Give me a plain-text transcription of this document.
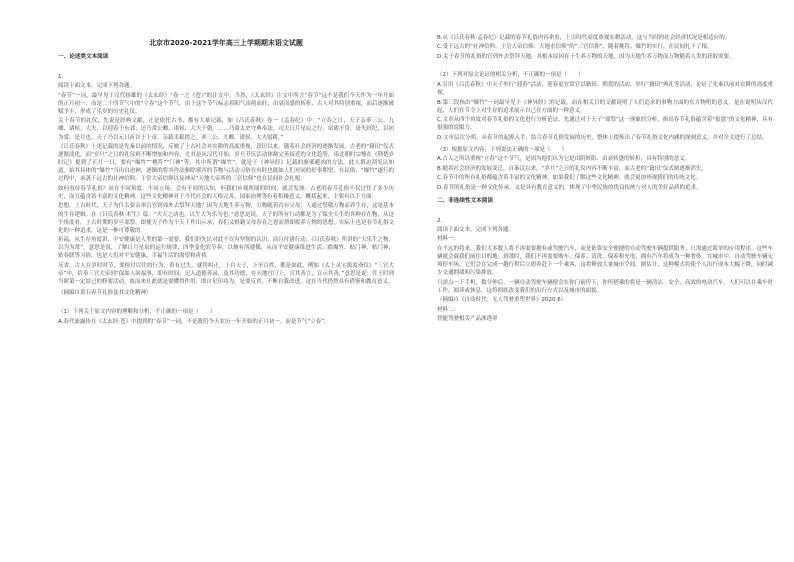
北京市2020-2021学年高三上学期期末语文试题
一、论述类文本阅读
1.
阅读下面文本，完成下列各题。
“春节”一词，最早见于汉代扬雄的《太玄经》“卷一之《苍》”的注文中，当然，《太玄经》注文中所言“春节”远不是我们今天作为一年开始的正月初一，而是二十四节气中的“立春”这个节气。由于这个节气标志着阳气由萌而旺，由衰而盛的转折，古人对其特别重视，而后逐渐被赋予丰，形成了乐岁的历史礼仪。
关于春节的礼仪，先说是经典文献，正是依托古书，都有大量记载，如《吕氏春秋》卷一《孟春纪》中：“立春之日，天子亲率三公、九卿、诸侯、大夫，以迎春于东郊；还乃赏公卿、诸侯、大夫于朝。……乃命太史守典奉法，司天日月星辰之行，宿离不贷，毋失经纪，以初为常。是月也，天子乃以元日祈谷于上帝，亲载耒耜措之，率三公、九卿、诸侯、大夫躬耕。”
《吕氏春秋》上述记载的是先秦以前的情况，反映了上古社会对农耕的高度重视，意识以来，随着社会经济的逐渐发展，古老的“籍田”仪式逐渐淡化，而“岁旦”之日的礼仪则不断增加和内容，尤其是从汉代开始，岁旦节庆活动体制完善接近的文化趋势，南北朝时宗懔在《荆楚岁时记》提到了正月一日，要有“爆竹”“桃符”“门神”等，其中所谓“爆竹”，就是于《神异经》记载的驱邪避凶的方法，此人填迫刮见认知道。始其具体的“爆竹”当出自迫神，逐渐的将其作法驱除邪害的节物与活动习俗在有时也能如人们对同的好事期望，在民俗，“爆竹”遂行的过程中，承袭于远古的社神信仰，王堂大帝信仰以及神灵“天地大帝所的三官信仰”也在民间社会扎根。
如何看待春节礼俗？站在不同角度、不同立场，会有不同的认知，但我们应视所阅的时间，就会发现：古老的春节礼俗不仅过往了多少历史，而且蕴含着丰富的文化精神，这些文化精神对于当代社会的人格完善、国家治理等有着积极意义，概括起来，主要有以下方面：
思想，上古时代，天子为什么要亲率百官到郊外去祭拜天地？因为天地生养万物，万物随着育有父母，人通过祭敬万物而养生存，这是基本的生存逻辑。在《吕氏春秋·本生》篇：“夫天之动也，以生大为乐为也。”意思是说，天子的所有行动都是为了保全天生的各种存在物，从这个角度看，上古时期的岁旦郊祭，即便天子作为个天下作出示承，春们又惧籍父母春育之恩而帮却报养万物的思想，实际上也是春节礼俗文化的一种追求，这是一种可尊敬的。
祈福，从生存角度讲，平安健康是人类的第一需要，我们的先民对此不仅有坚韧的认识，而且付诸行动。《吕氏春秋》所讲的“天乐生之物，以为为常”，意思是说，了解日月星辰的运行规律、四季变化的节奏，以便有所遵循，从而平安健康推进生活。踏爆竹、贴门神，贴门神，贴春联等习俗，也是人们对平安健康、幸福生活的渴望和祈祷。
反省，古人在岁时时节，要检讨以往的行为，着有过失，就将纠正，上自天子，下至百姓，都是如此，例如《太上灵宝拔度斋仪》“三官大帝”中，信奉三官大帝到“保如人间福事，即有时间，记入道德善录，及其功德，在天地宫门上，宣其善言，宣示其善，”意思是说：往王时列当阶第一定谊已的修要活动，故而来社此就是要懂得作用，即自星印功为，是要反省，不断自我改进，这在当代仍然具有借鉴和教育意义。
（摘编自黄石春节礼俗及其文化精神）
（1）下列关于原文内容的理解和分析，不正确的一项是（　　）
A.春代流露传在《太玄经·苍》中提到的“春节”一词，不是我们今天农历一年开始的正月初一，而是节气“立春”。
B.从《吕氏春秋·孟春纪》记载的春节礼俗内容来看，上古时代高度重视农耕活动，这与当时的社会经济状况是相适应的。
C.受于远古的“社神信仰、王皇大帝信仰、天地水信仰”的“三官信仰”，随着桃符、爆竹的实行，在民间扎下了根。
D.关于春节的礼俗的官列外去祭拜天地，其根本原因在于生养万物的天地，因为天地生养万物而万物随着人类的获取需要。
（2）下列对原文论证的相关分析，不正确的一项是（　　）
A.引用《吕氏春秋》中天子举行“迎春”活动、迎春更宜常官以籍田、朝贺的活动、举行“籍田”典礼等活动，论证了先秦以前对农耕的高度重视。
B.第三段指出“爆竹”一词最早见于《神异经》的记载，而在相关目的文献说明了人们追求的事物方面的东方物明的意义，是在说明从汉代起、人们在节令上对生存的追求展示自己在方面的一种意义。
C.文章从四个角度对春节礼俗的文化进行分析论证，先通过对于天子“郊祭”这一现象的分析，指出春节礼俗蕴含着“报恩”的文化精神，具有很强的说服力。
D.文章层次分明，从春节的起源入手，结合春节礼俗发展的历史，整体上提炼出了春节礼俗文化内涵的深刻意义，并对全文进行了总结。
（3）根据原文内容，下列说法正确的一项是（　　）
A.古人之所以重视“立春”这个节气，是因为他们认为它是由阴转阳、由衰转盛的转折，具有特别的意义。
B.随着社会经济的发展变迁，自秦汉以来，“岁旦”之日的礼仪内容不断丰富，而古老的“籍田”仪式则逐渐消失。
C.春节中的所有礼俗都蕴含着丰富的文化精神，如果我们了解这些文化精神，就会更加珍视我们的传统文化。
D.春节的礼俗是一种文化传承，又是具有教育意义的，体现了中华民族的优良传统与对人的美好品质的追求。
二、非连续性文本阅读
2.
阅读下面文本，完成下列各题。
材料一：
在不远的将来，我们大多数人将不再需要拥有或驾驶汽车，而是依靠安全便捷的自动驾驶车辆提供服务。只需通过简单的应用程序，这些车辆就会载我们前往目的地。到那时，我们不再需要购车、保养、清洗、保养和充电，拥有汽车将成为一种奢侈。在城市中，自动驾驶车辆无须停车场，它们会在完成一趟行程后立即奔赴下一个乘客，这将释放大量城市空间。据估计，这种模式将使个人出行成本大幅下降，同时减少交通拥堵和污染排放。
只需点一下手机，数分钟后，一辆自动驾驶车辆便会在你门前停下，你所搭乘的将是一辆清洁、安全、高效的电动汽车。人们可以在乘车时工作、阅读或休息，这将彻底改变我们的出行方式以及城市的面貌。
（摘编自《自动时代：无人驾驶重塑世界》2020.6）
材料二：
智能驾驶相关产品渗透率
